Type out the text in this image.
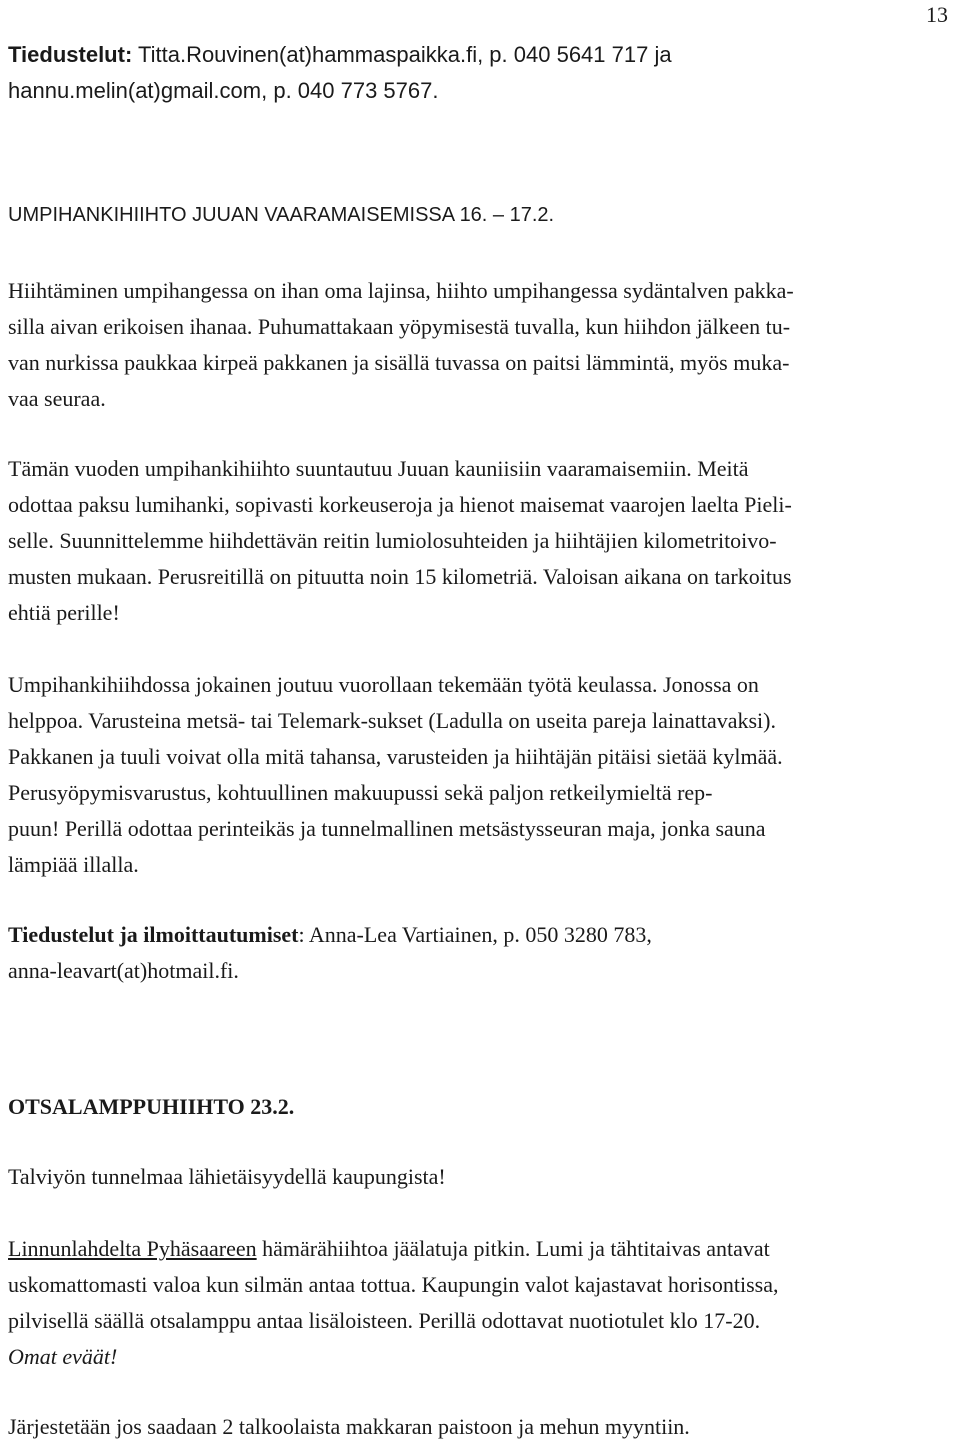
13
Tiedustelut: Titta.Rouvinen(at)hammaspaikka.fi, p. 040 5641 717 ja
hannu.melin(at)gmail.com, p. 040 773 5767.
UMPIHANKIHIIHTO JUUAN VAARAMAISEMISSA 16. – 17.2.
Hiihtäminen umpihangessa on ihan oma lajinsa, hiihto umpihangessa sydäntalven pakka-
silla aivan erikoisen ihanaa. Puhumattakaan yöpymisestä tuvalla, kun hiihdon jälkeen tu-
van nurkissa paukkaa kirpeä pakkanen ja sisällä tuvassa on paitsi lämmintä, myös muka-
vaa seuraa.
Tämän vuoden umpihankihiihto suuntautuu Juuan kauniisiin vaaramaisemiin. Meitä
odottaa paksu lumihanki, sopivasti korkeuseroja ja hienot maisemat vaarojen laelta Pieli-
selle. Suunnittelemme hiihdettävän reitin lumiolosuhteiden ja hiihtäjien kilometritoivo-
musten mukaan. Perusreitillä on pituutta noin 15 kilometriä. Valoisan aikana on tarkoitus
ehtiä perille!
Umpihankihiihdossa jokainen joutuu vuorollaan tekemään työtä keulassa. Jonossa on
helppoa. Varusteina metsä- tai Telemark-sukset (Ladulla on useita pareja lainattavaksi).
Pakkanen ja tuuli voivat olla mitä tahansa, varusteiden ja hiihtäjän pitäisi sietää kylmää.
Perusyöpymisvarustus, kohtuullinen makuupussi sekä paljon retkeilymieltä rep-
puun! Perillä odottaa perinteikäs ja tunnelmallinen metsästysseuran maja, jonka sauna
lämpiää illalla.
Tiedustelut ja ilmoittautumiset: Anna-Lea Vartiainen, p. 050 3280 783,
anna-leavart(at)hotmail.fi.
OTSALAMPPUHIIHTO 23.2.
Talviyön tunnelmaa lähietäisyydellä kaupungista!
Linnunlahdelta Pyhäsaareen hämärähiihtoa jäälatuja pitkin. Lumi ja tähtitaivas antavat
uskomattomasti valoa kun silmän antaa tottua. Kaupungin valot kajastavat horisontissa,
pilvisellä säällä otsalamppu antaa lisäloisteen. Perillä odottavat nuotiotulet klo 17-20.
Omat eväät!
Järjestetään jos saadaan 2 talkoolaista makkaran paistoon ja mehun myyntiin.
